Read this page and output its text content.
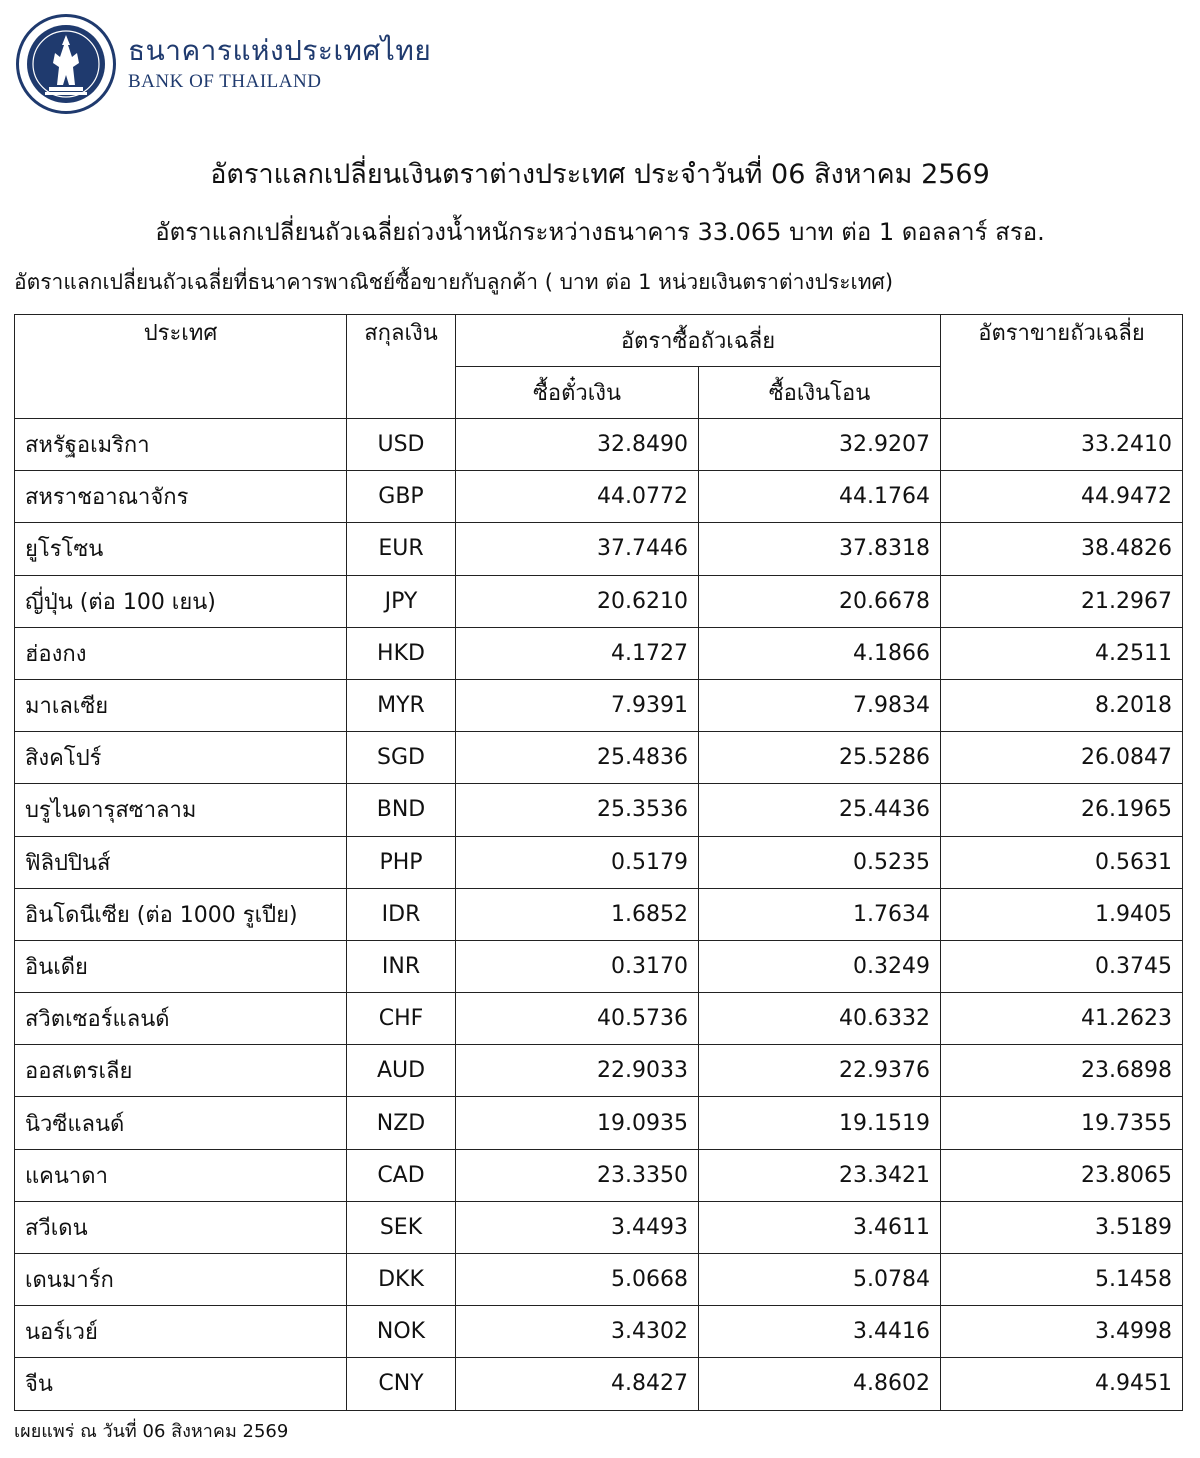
ธนาคารแห่งประเทศไทย
BANK OF THAILAND
อัตราแลกเปลี่ยนเงินตราต่างประเทศ ประจำวันที่ 06 สิงหาคม 2569
อัตราแลกเปลี่ยนถัวเฉลี่ยถ่วงน้ำหนักระหว่างธนาคาร 33.065 บาท ต่อ 1 ดอลลาร์ สรอ.
อัตราแลกเปลี่ยนถัวเฉลี่ยที่ธนาคารพาณิชย์ซื้อขายกับลูกค้า ( บาท ต่อ 1 หน่วยเงินตราต่างประเทศ)
ประเทศ	สกุลเงิน	อัตราซื้อถัวเฉลี่ย		อัตราขายถัวเฉลี่ย
		ซื้อตั๋วเงิน	ซื้อเงินโอน	
สหรัฐอเมริกา	USD	32.8490	32.9207	33.2410
สหราชอาณาจักร	GBP	44.0772	44.1764	44.9472
ยูโรโซน	EUR	37.7446	37.8318	38.4826
ญี่ปุ่น (ต่อ 100 เยน)	JPY	20.6210	20.6678	21.2967
ฮ่องกง	HKD	4.1727	4.1866	4.2511
มาเลเซีย	MYR	7.9391	7.9834	8.2018
สิงคโปร์	SGD	25.4836	25.5286	26.0847
บรูไนดารุสซาลาม	BND	25.3536	25.4436	26.1965
ฟิลิปปินส์	PHP	0.5179	0.5235	0.5631
อินโดนีเซีย (ต่อ 1000 รูเปีย)	IDR	1.6852	1.7634	1.9405
อินเดีย	INR	0.3170	0.3249	0.3745
สวิตเซอร์แลนด์	CHF	40.5736	40.6332	41.2623
ออสเตรเลีย	AUD	22.9033	22.9376	23.6898
นิวซีแลนด์	NZD	19.0935	19.1519	19.7355
แคนาดา	CAD	23.3350	23.3421	23.8065
สวีเดน	SEK	3.4493	3.4611	3.5189
เดนมาร์ก	DKK	5.0668	5.0784	5.1458
นอร์เวย์	NOK	3.4302	3.4416	3.4998
จีน	CNY	4.8427	4.8602	4.9451
เผยแพร่ ณ วันที่ 06 สิงหาคม 2569
